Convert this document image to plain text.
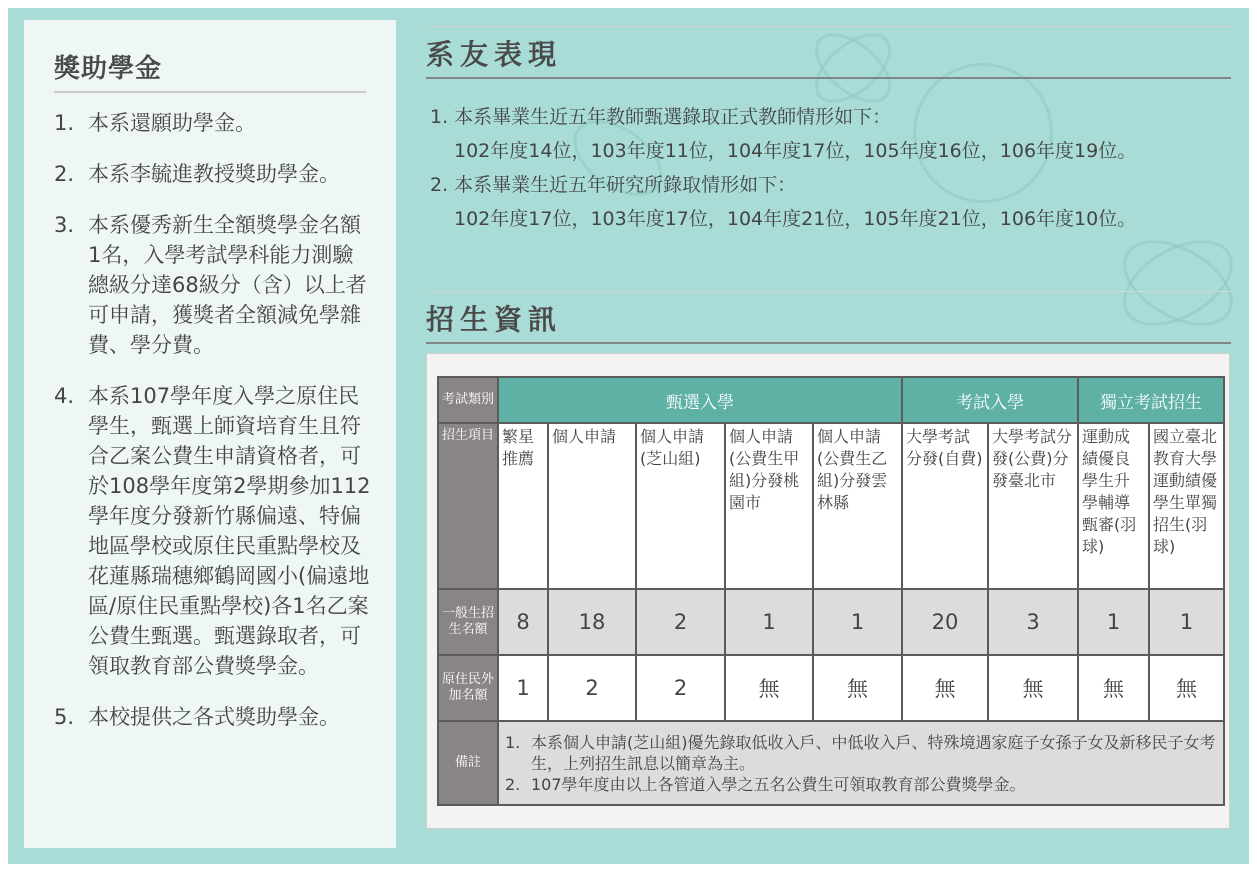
獎助學金
1. 本系還願助學金。
2. 本系李毓進教授獎助學金。
3. 本系優秀新生全額獎學金名額1名，入學考試學科能力測驗總級分達68級分（含）以上者可申請，獲獎者全額減免學雜費、學分費。
4. 本系107學年度入學之原住民學生，甄選上師資培育生且符合乙案公費生申請資格者，可於108學年度第2學期參加112學年度分發新竹縣偏遠、特偏地區學校或原住民重點學校及花蓮縣瑞穗鄉鶴岡國小(偏遠地區/原住民重點學校)各1名乙案公費生甄選。甄選錄取者，可領取教育部公費獎學金。
5. 本校提供之各式獎助學金。
系友表現
1. 本系畢業生近五年教師甄選錄取正式教師情形如下：
102年度14位，103年度11位，104年度17位，105年度16位，106年度19位。
2. 本系畢業生近五年研究所錄取情形如下：
102年度17位，103年度17位，104年度21位，105年度21位，106年度10位。
招生資訊
考試類別	甄選入學					考試入學		獨立考試招生	
招生項目	繁星推薦	個人申請	個人申請(芝山組)	個人申請(公費生甲組)分發桃園市	個人申請(公費生乙組)分發雲林縣	大學考試分發(自費)	大學考試分發(公費)分發臺北市	運動成績優良學生升學輔導甄審(羽球)	國立臺北教育大學運動績優學生單獨招生(羽球)
一般生招生名額	8	18	2	1	1	20	3	1	1
原住民外加名額	1	2	2	無	無	無	無	無	無
備註	1. 本系個人申請(芝山組)優先錄取低收入戶、中低收入戶、特殊境遇家庭子女孫子女及新移民子女考生，上列招生訊息以簡章為主。
2. 107學年度由以上各管道入學之五名公費生可領取教育部公費獎學金。								
